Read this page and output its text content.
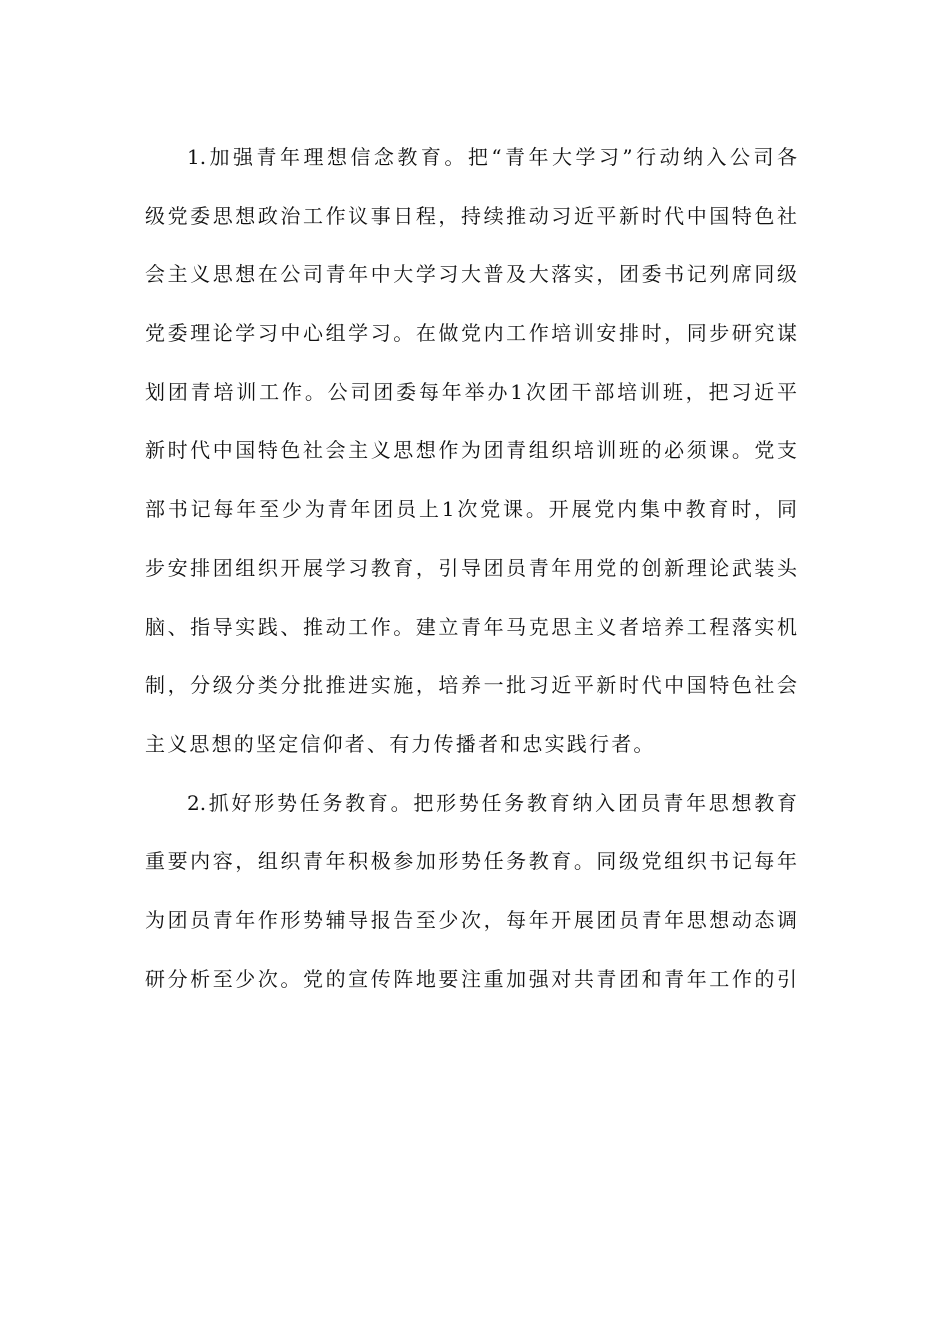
1.加强青年理想信念教育。把“青年大学习”行动纳入公司各
级党委思想政治工作议事日程，持续推动习近平新时代中国特色社
会主义思想在公司青年中大学习大普及大落实，团委书记列席同级
党委理论学习中心组学习。在做党内工作培训安排时，同步研究谋
划团青培训工作。公司团委每年举办1次团干部培训班，把习近平
新时代中国特色社会主义思想作为团青组织培训班的必须课。党支
部书记每年至少为青年团员上1次党课。开展党内集中教育时，同
步安排团组织开展学习教育，引导团员青年用党的创新理论武装头
脑、指导实践、推动工作。建立青年马克思主义者培养工程落实机
制，分级分类分批推进实施，培养一批习近平新时代中国特色社会
主义思想的坚定信仰者、有力传播者和忠实践行者。
2.抓好形势任务教育。把形势任务教育纳入团员青年思想教育
重要内容，组织青年积极参加形势任务教育。同级党组织书记每年
为团员青年作形势辅导报告至少次，每年开展团员青年思想动态调
研分析至少次。党的宣传阵地要注重加强对共青团和青年工作的引
